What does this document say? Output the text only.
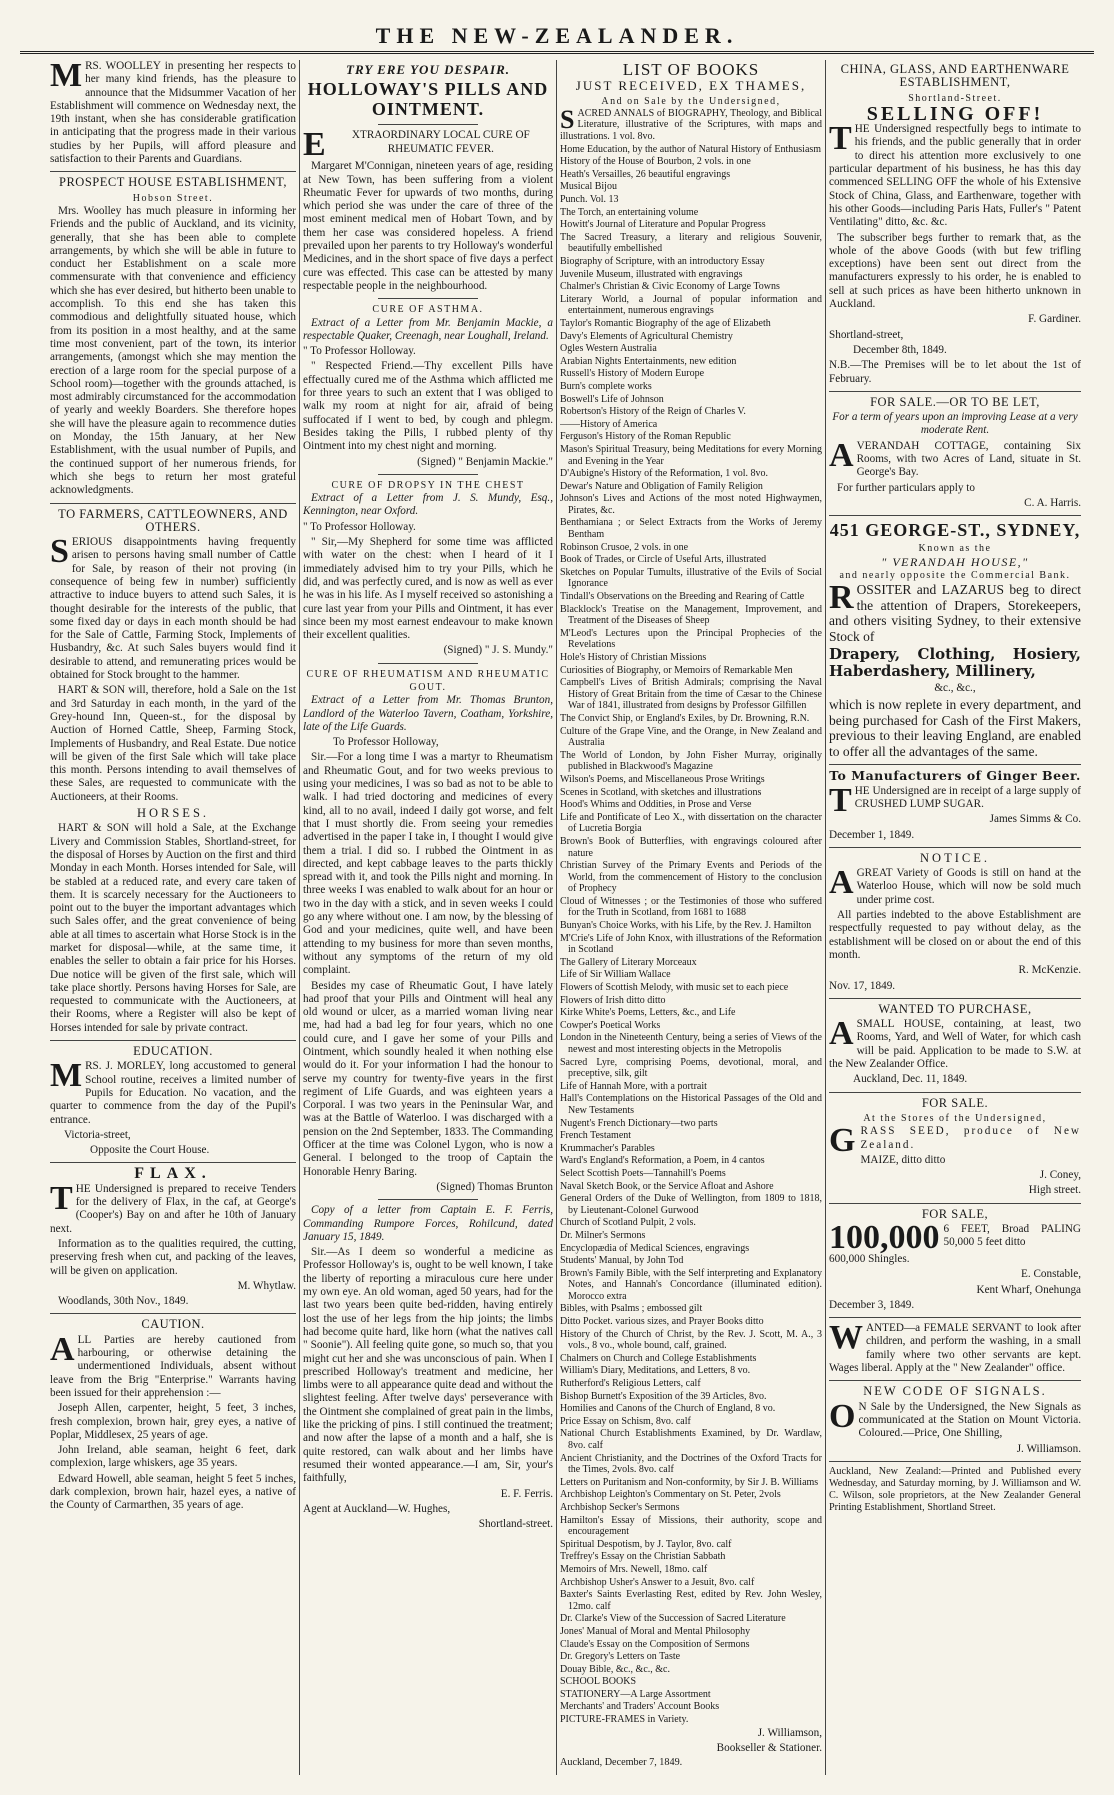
THE NEW-ZEALANDER.

MRS. WOOLLEY in presenting her respects to her many kind friends, has the pleasure to announce that the Midsummer Vacation of her Establishment will commence on Wednesday next, the 19th instant, when she has considerable gratification in anticipating that the progress made in their various studies by her Pupils, will afford pleasure and satisfaction to their Parents and Guardians.

PROSPECT HOUSE ESTABLISHMENT,
Hobson Street.

Mrs. Woolley has much pleasure in informing her Friends and the public of Auckland, and its vicinity, generally, that she has been able to complete arrangements, by which she will be able in future to conduct her Establishment on a scale more commensurate with that convenience and efficiency which she has ever desired, but hitherto been unable to accomplish. To this end she has taken this commodious and delightfully situated house, which from its position in a most healthy, and at the same time most convenient, part of the town, its interior arrangements, (amongst which she may mention the erection of a large room for the special purpose of a School room)—together with the grounds attached, is most admirably circumstanced for the accommodation of yearly and weekly Boarders. She therefore hopes she will have the pleasure again to recommence duties on Monday, the 15th January, at her New Establishment, with the usual number of Pupils, and the continued support of her numerous friends, for which she begs to return her most grateful acknowledgments.

TO FARMERS, CATTLEOWNERS, AND OTHERS.

SERIOUS disappointments having frequently arisen to persons having small number of Cattle for Sale, by reason of their not proving (in consequence of being few in number) sufficiently attractive to induce buyers to attend such Sales, it is thought desirable for the interests of the public, that some fixed day or days in each month should be had for the Sale of Cattle, Farming Stock, Implements of Husbandry, &c. At such Sales buyers would find it desirable to attend, and remunerating prices would be obtained for Stock brought to the hammer.

HART & SON will, therefore, hold a Sale on the 1st and 3rd Saturday in each month, in the yard of the Grey-hound Inn, Queen-st., for the disposal by Auction of Horned Cattle, Sheep, Farming Stock, Implements of Husbandry, and Real Estate. Due notice will be given of the first Sale which will take place this month. Persons intending to avail themselves of these Sales, are requested to communicate with the Auctioneers, at their Rooms.

HORSES.

HART & SON will hold a Sale, at the Exchange Livery and Commission Stables, Shortland-street, for the disposal of Horses by Auction on the first and third Monday in each Month. Horses intended for Sale, will be stabled at a reduced rate, and every care taken of them. It is scarcely necessary for the Auctioneers to point out to the buyer the important advantages which such Sales offer, and the great convenience of being able at all times to ascertain what Horse Stock is in the market for disposal—while, at the same time, it enables the seller to obtain a fair price for his Horses. Due notice will be given of the first sale, which will take place shortly. Persons having Horses for Sale, are requested to communicate with the Auctioneers, at their Rooms, where a Register will also be kept of Horses intended for sale by private contract.

EDUCATION.

MRS. J. MORLEY, long accustomed to general School routine, receives a limited number of Pupils for Education. No vacation, and the quarter to commence from the day of the Pupil's entrance.

Victoria-street,

Opposite the Court House.

FLAX.

THE Undersigned is prepared to receive Tenders for the delivery of Flax, in the caf, at George's (Cooper's) Bay on and after he 10th of January next.

Information as to the qualities required, the cutting, preserving fresh when cut, and packing of the leaves, will be given on application.

M. Whytlaw.

Woodlands, 30th Nov., 1849.

CAUTION.

ALL Parties are hereby cautioned from harbouring, or otherwise detaining the undermentioned Individuals, absent without leave from the Brig "Enterprise." Warrants having been issued for their apprehension :—

Joseph Allen, carpenter, height, 5 feet, 3 inches, fresh complexion, brown hair, grey eyes, a native of Poplar, Middlesex, 25 years of age.

John Ireland, able seaman, height 6 feet, dark complexion, large whiskers, age 35 years.

Edward Howell, able seaman, height 5 feet 5 inches, dark complexion, brown hair, hazel eyes, a native of the County of Carmarthen, 35 years of age.

TRY ERE YOU DESPAIR.
HOLLOWAY'S PILLS AND OINTMENT.

E XTRAORDINARY LOCAL CURE OF RHEUMATIC FEVER.

Margaret M'Connigan, nineteen years of age, residing at New Town, has been suffering from a violent Rheumatic Fever for upwards of two months, during which period she was under the care of three of the most eminent medical men of Hobart Town, and by them her case was considered hopeless. A friend prevailed upon her parents to try Holloway's wonderful Medicines, and in the short space of five days a perfect cure was effected. This case can be attested by many respectable people in the neighbourhood.

CURE OF ASTHMA.

Extract of a Letter from Mr. Benjamin Mackie, a respectable Quaker, Creenagh, near Loughall, Ireland.

" To Professor Holloway.

" Respected Friend.—Thy excellent Pills have effectually cured me of the Asthma which afflicted me for three years to such an extent that I was obliged to walk my room at night for air, afraid of being suffocated if I went to bed, by cough and phlegm. Besides taking the Pills, I rubbed plenty of thy Ointment into my chest night and morning.

(Signed) " Benjamin Mackie."

CURE OF DROPSY IN THE CHEST

Extract of a Letter from J. S. Mundy, Esq., Kennington, near Oxford.

" To Professor Holloway.

" Sir,—My Shepherd for some time was afflicted with water on the chest: when I heard of it I immediately advised him to try your Pills, which he did, and was perfectly cured, and is now as well as ever he was in his life. As I myself received so astonishing a cure last year from your Pills and Ointment, it has ever since been my most earnest endeavour to make known their excellent qualities.

(Signed) " J. S. Mundy."

CURE OF RHEUMATISM AND RHEUMATIC GOUT.

Extract of a Letter from Mr. Thomas Brunton, Landlord of the Waterloo Tavern, Coatham, Yorkshire, late of the Life Guards.

To Professor Holloway,

Sir.—For a long time I was a martyr to Rheumatism and Rheumatic Gout, and for two weeks previous to using your medicines, I was so bad as not to be able to walk. I had tried doctoring and medicines of every kind, all to no avail, indeed I daily got worse, and felt that I must shortly die. From seeing your remedies advertised in the paper I take in, I thought I would give them a trial. I did so. I rubbed the Ointment in as directed, and kept cabbage leaves to the parts thickly spread with it, and took the Pills night and morning. In three weeks I was enabled to walk about for an hour or two in the day with a stick, and in seven weeks I could go any where without one. I am now, by the blessing of God and your medicines, quite well, and have been attending to my business for more than seven months, without any symptoms of the return of my old complaint.

Besides my case of Rheumatic Gout, I have lately had proof that your Pills and Ointment will heal any old wound or ulcer, as a married woman living near me, had had a bad leg for four years, which no one could cure, and I gave her some of your Pills and Ointment, which soundly healed it when nothing else would do it. For your information I had the honour to serve my country for twenty-five years in the first regiment of Life Guards, and was eighteen years a Corporal. I was two years in the Peninsular War, and was at the Battle of Waterloo. I was discharged with a pension on the 2nd September, 1833. The Commanding Officer at the time was Colonel Lygon, who is now a General. I belonged to the troop of Captain the Honorable Henry Baring.

(Signed) Thomas Brunton

Copy of a letter from Captain E. F. Ferris, Commanding Rumpore Forces, Rohilcund, dated January 15, 1849.

Sir.—As I deem so wonderful a medicine as Professor Holloway's is, ought to be well known, I take the liberty of reporting a miraculous cure here under my own eye. An old woman, aged 50 years, had for the last two years been quite bed-ridden, having entirely lost the use of her legs from the hip joints; the limbs had become quite hard, like horn (what the natives call " Soonie"). All feeling quite gone, so much so, that you might cut her and she was unconscious of pain. When I prescribed Holloway's treatment and medicine, her limbs were to all appearance quite dead and without the slightest feeling. After twelve days' perseverance with the Ointment she complained of great pain in the limbs, like the pricking of pins. I still continued the treatment; and now after the lapse of a month and a half, she is quite restored, can walk about and her limbs have resumed their wonted appearance.—I am, Sir, your's faithfully,

E. F. Ferris.

Agent at Auckland—W. Hughes,

Shortland-street.

LIST OF BOOKS
JUST RECEIVED, EX THAMES,
And on Sale by the Undersigned,

SACRED ANNALS of BIOGRAPHY, Theology, and Biblical Literature, illustrative of the Scriptures, with maps and illustrations. 1 vol. 8vo.

Home Education, by the author of Natural History of Enthusiasm

History of the House of Bourbon, 2 vols. in one

Heath's Versailles, 26 beautiful engravings

Musical Bijou

Punch. Vol. 13

The Torch, an entertaining volume

Howitt's Journal of Literature and Popular Progress

The Sacred Treasury, a literary and religious Souvenir, beautifully embellished

Biography of Scripture, with an introductory Essay

Juvenile Museum, illustrated with engravings

Chalmer's Christian & Civic Economy of Large Towns

Literary World, a Journal of popular information and entertainment, numerous engravings

Taylor's Romantic Biography of the age of Elizabeth

Davy's Elements of Agricultural Chemistry

Ogles Western Australia

Arabian Nights Entertainments, new edition

Russell's History of Modern Europe

Burn's complete works

Boswell's Life of Johnson

Robertson's History of the Reign of Charles V.

——History of America

Ferguson's History of the Roman Republic

Mason's Spiritual Treasury, being Meditations for every Morning and Evening in the Year

D'Aubigne's History of the Reformation, 1 vol. 8vo.

Dewar's Nature and Obligation of Family Religion

Johnson's Lives and Actions of the most noted Highwaymen, Pirates, &c.

Benthamiana ; or Select Extracts from the Works of Jeremy Bentham

Robinson Crusoe, 2 vols. in one

Book of Trades, or Circle of Useful Arts, illustrated

Sketches on Popular Tumults, illustrative of the Evils of Social Ignorance

Tindall's Observations on the Breeding and Rearing of Cattle

Blacklock's Treatise on the Management, Improvement, and Treatment of the Diseases of Sheep

M'Leod's Lectures upon the Principal Prophecies of the Revelations

Hole's History of Christian Missions

Curiosities of Biography, or Memoirs of Remarkable Men

Campbell's Lives of British Admirals; comprising the Naval History of Great Britain from the time of Cæsar to the Chinese War of 1841, illustrated from designs by Professor Gilfillen

The Convict Ship, or England's Exiles, by Dr. Browning, R.N.

Culture of the Grape Vine, and the Orange, in New Zealand and Australia

The World of London, by John Fisher Murray, originally published in Blackwood's Magazine

Wilson's Poems, and Miscellaneous Prose Writings

Scenes in Scotland, with sketches and illustrations

Hood's Whims and Oddities, in Prose and Verse

Life and Pontificate of Leo X., with dissertation on the character of Lucretia Borgia

Brown's Book of Butterflies, with engravings coloured after nature

Christian Survey of the Primary Events and Periods of the World, from the commencement of History to the conclusion of Prophecy

Cloud of Witnesses ; or the Testimonies of those who suffered for the Truth in Scotland, from 1681 to 1688

Bunyan's Choice Works, with his Life, by the Rev. J. Hamilton

M'Crie's Life of John Knox, with illustrations of the Reformation in Scotland

The Gallery of Literary Morceaux

Life of Sir William Wallace

Flowers of Scottish Melody, with music set to each piece

Flowers of Irish ditto ditto

Kirke White's Poems, Letters, &c., and Life

Cowper's Poetical Works

London in the Nineteenth Century, being a series of Views of the newest and most interesting objects in the Metropolis

Sacred Lyre, comprising Poems, devotional, moral, and preceptive, silk, gilt

Life of Hannah More, with a portrait

Hall's Contemplations on the Historical Passages of the Old and New Testaments

Nugent's French Dictionary—two parts

French Testament

Krummacher's Parables

Ward's England's Reformation, a Poem, in 4 cantos

Select Scottish Poets—Tannahill's Poems

Naval Sketch Book, or the Service Afloat and Ashore

General Orders of the Duke of Wellington, from 1809 to 1818, by Lieutenant-Colonel Gurwood

Church of Scotland Pulpit, 2 vols.

Dr. Milner's Sermons

Encyclopædia of Medical Sciences, engravings

Students' Manual, by John Tod

Brown's Family Bible, with the Self interpreting and Explanatory Notes, and Hannah's Concordance (illuminated edition). Morocco extra

Bibles, with Psalms ; embossed gilt

Ditto Pocket. various sizes, and Prayer Books ditto

History of the Church of Christ, by the Rev. J. Scott, M. A., 3 vols., 8 vo., whole bound, calf, grained.

Chalmers on Church and College Establishments

William's Diary, Meditations, and Letters, 8 vo.

Rutherford's Religious Letters, calf

Bishop Burnett's Exposition of the 39 Articles, 8vo.

Homilies and Canons of the Church of England, 8 vo.

Price Essay on Schism, 8vo. calf

National Church Establishments Examined, by Dr. Wardlaw, 8vo. calf

Ancient Christianity, and the Doctrines of the Oxford Tracts for the Times, 2vols. 8vo. calf

Letters on Puritanism and Non-conformity, by Sir J. B. Williams

Archbishop Leighton's Commentary on St. Peter, 2vols

Archbishop Secker's Sermons

Hamilton's Essay of Missions, their authority, scope and encouragement

Spiritual Despotism, by J. Taylor, 8vo. calf

Treffrey's Essay on the Christian Sabbath

Memoirs of Mrs. Newell, 18mo. calf

Archbishop Usher's Answer to a Jesuit, 8vo. calf

Baxter's Saints Everlasting Rest, edited by Rev. John Wesley, 12mo. calf

Dr. Clarke's View of the Succession of Sacred Literature

Jones' Manual of Moral and Mental Philosophy

Claude's Essay on the Composition of Sermons

Dr. Gregory's Letters on Taste

Douay Bible, &c., &c., &c.

SCHOOL BOOKS

STATIONERY—A Large Assortment

Merchants' and Traders' Account Books

PICTURE-FRAMES in Variety.

J. Williamson,

Bookseller & Stationer.

Auckland, December 7, 1849.

CHINA, GLASS, AND EARTHENWARE ESTABLISHMENT,
Shortland-Street.
SELLING OFF!

THE Undersigned respectfully begs to intimate to his friends, and the public generally that in order to direct his attention more exclusively to one particular department of his business, he has this day commenced SELLING OFF the whole of his Extensive Stock of China, Glass, and Earthenware, together with his other Goods—including Paris Hats, Fuller's " Patent Ventilating" ditto, &c. &c.

The subscriber begs further to remark that, as the whole of the above Goods (with but few trifling exceptions) have been sent out direct from the manufacturers expressly to his order, he is enabled to sell at such prices as have been hitherto unknown in Auckland.

F. Gardiner.

Shortland-street,

December 8th, 1849.

N.B.—The Premises will be to let about the 1st of February.

FOR SALE.—OR TO BE LET,

For a term of years upon an improving Lease at a very moderate Rent.

AVERANDAH COTTAGE, containing Six Rooms, with two Acres of Land, situate in St. George's Bay.

For further particulars apply to

C. A. Harris.

451 GEORGE-ST., SYDNEY,
Known as the
" VERANDAH HOUSE,"
and nearly opposite the Commercial Bank.

ROSSITER and LAZARUS beg to direct the attention of Drapers, Storekeepers, and others visiting Sydney, to their extensive Stock of

Drapery, Clothing, Hosiery, Haberdashery, Millinery,

&c., &c.,

which is now replete in every department, and being purchased for Cash of the First Makers, previous to their leaving England, are enabled to offer all the advantages of the same.

To Manufacturers of Ginger Beer.

THE Undersigned are in receipt of a large supply of CRUSHED LUMP SUGAR.

James Simms & Co.

December 1, 1849.

NOTICE.

AGREAT Variety of Goods is still on hand at the Waterloo House, which will now be sold much under prime cost.

All parties indebted to the above Establishment are respectfully requested to pay without delay, as the establishment will be closed on or about the end of this month.

R. McKenzie.

Nov. 17, 1849.

WANTED TO PURCHASE,

ASMALL HOUSE, containing, at least, two Rooms, Yard, and Well of Water, for which cash will be paid. Application to be made to S.W. at the New Zealander Office.

Auckland, Dec. 11, 1849.

FOR SALE.
At the Stores of the Undersigned,

GRASS SEED, produce of New Zealand.

MAIZE, ditto ditto

J. Coney,

High street.

FOR SALE,

100,000 6 FEET, Broad PALING 50,000 5 feet ditto

600,000 Shingles.

E. Constable,

Kent Wharf, Onehunga

December 3, 1849.

WANTED—a FEMALE SERVANT to look after children, and perform the washing, in a small family where two other servants are kept. Wages liberal. Apply at the " New Zealander" office.

NEW CODE OF SIGNALS.

O N Sale by the Undersigned, the New Signals as communicated at the Station on Mount Victoria. Coloured.—Price, One Shilling,

J. Williamson.

Auckland, New Zealand:—Printed and Published every Wednesday, and Saturday morning, by J. Williamson and W. C. Wilson, sole proprietors, at the New Zealander General Printing Establishment, Shortland Street.
